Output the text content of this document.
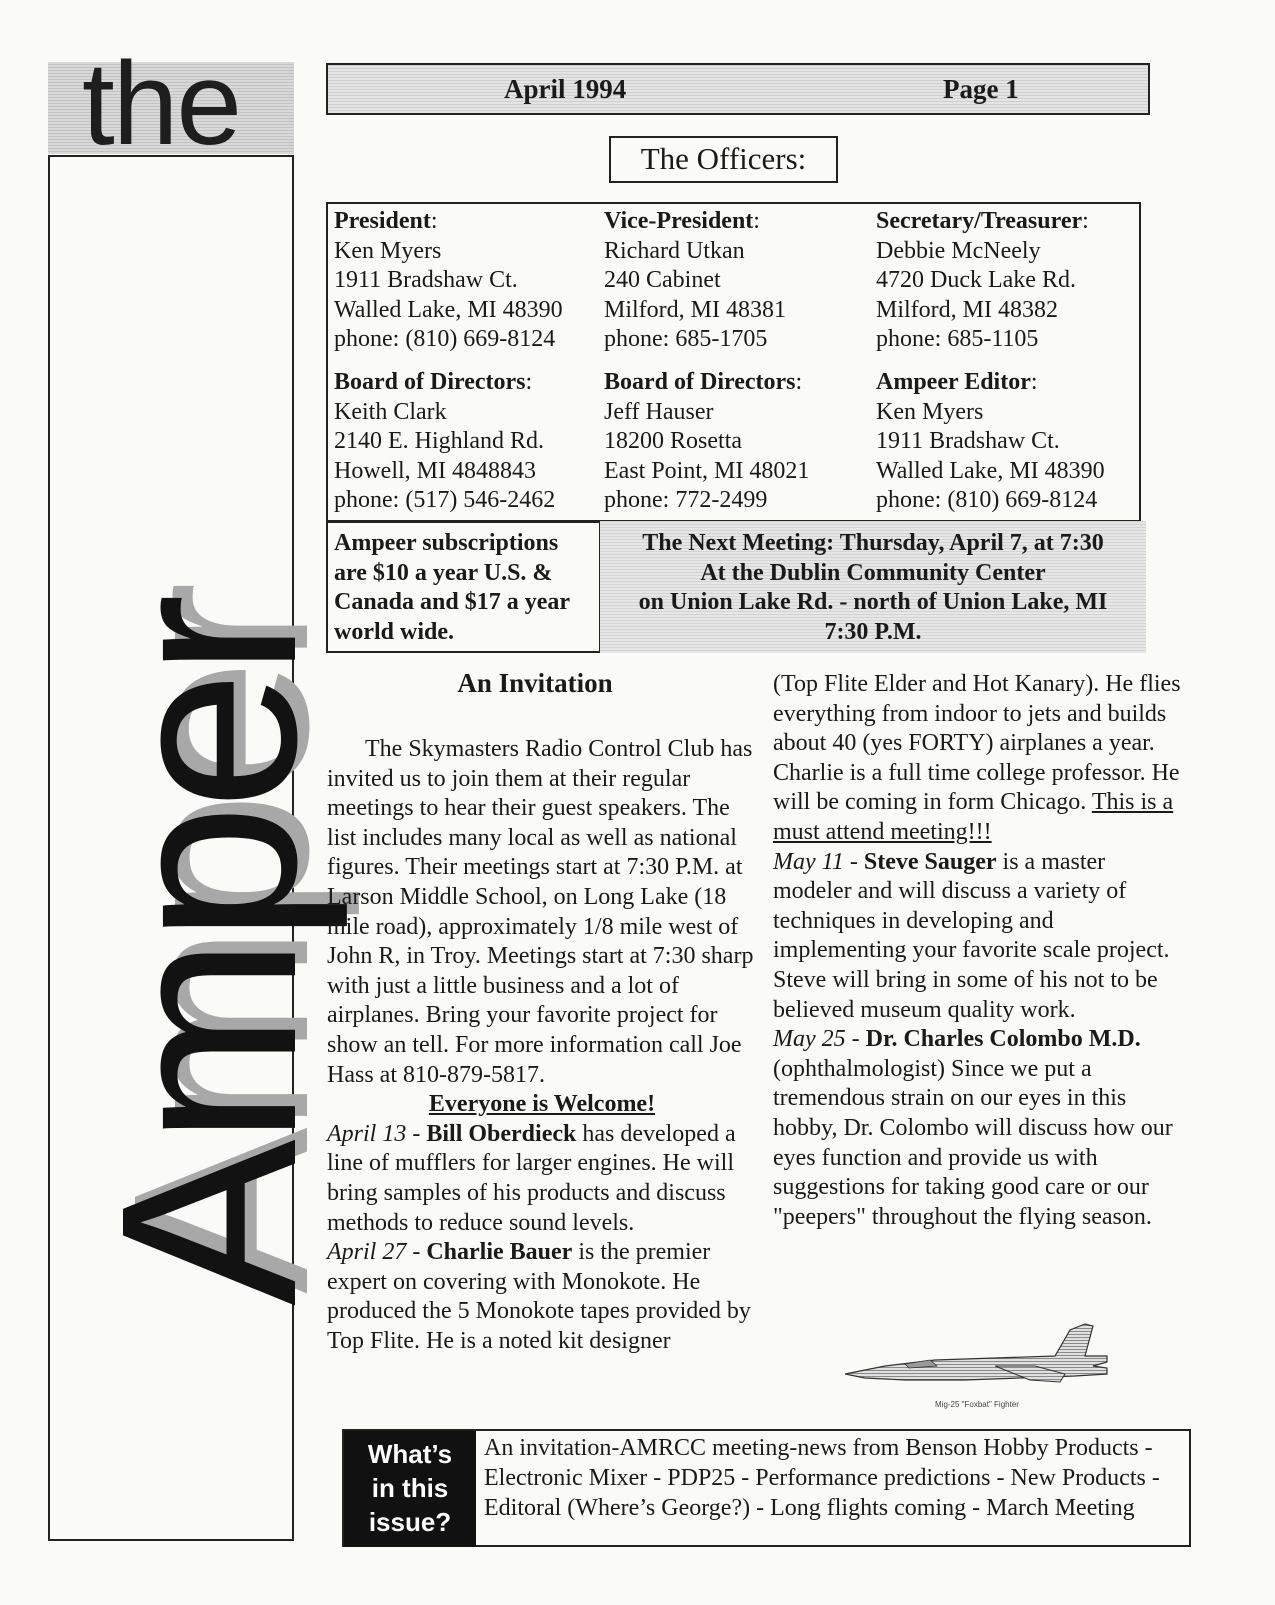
the
Amper
April 1994	Page 1
The Officers:
President:
Ken Myers
1911 Bradshaw Ct.
Walled Lake, MI 48390
phone: (810) 669-8124
Vice-President:
Richard Utkan
240 Cabinet
Milford, MI 48381
phone: 685-1705
Secretary/Treasurer:
Debbie McNeely
4720 Duck Lake Rd.
Milford, MI 48382
phone: 685-1105
Board of Directors:
Keith Clark
2140 E. Highland Rd.
Howell, MI 4848843
phone: (517) 546-2462
Board of Directors:
Jeff Hauser
18200 Rosetta
East Point, MI 48021
phone: 772-2499
Ampeer Editor:
Ken Myers
1911 Bradshaw Ct.
Walled Lake, MI 48390
phone: (810) 669-8124
Ampeer subscriptions
are $10 a year U.S. &
Canada and $17 a year
world wide.
The Next Meeting: Thursday, April 7, at 7:30
At the Dublin Community Center
on Union Lake Rd. - north of Union Lake, MI
7:30 P.M.
An Invitation

The Skymasters Radio Control Club has invited us to join them at their regular meetings to hear their guest speakers. The list includes many local as well as national figures. Their meetings start at 7:30 P.M. at Larson Middle School, on Long Lake (18 mile road), approximately 1/8 mile west of John R, in Troy. Meetings start at 7:30 sharp with just a little business and a lot of airplanes. Bring your favorite project for show an tell. For more information call Joe Hass at 810-879-5817.

Everyone is Welcome!

April 13 - Bill Oberdieck has developed a line of mufflers for larger engines. He will bring samples of his products and discuss methods to reduce sound levels.

April 27 - Charlie Bauer is the premier expert on covering with Monokote. He produced the 5 Monokote tapes provided by Top Flite. He is a noted kit designer

(Top Flite Elder and Hot Kanary). He flies everything from indoor to jets and builds about 40 (yes FORTY) airplanes a year. Charlie is a full time college professor. He will be coming in form Chicago. This is a must attend meeting!!!

May 11 - Steve Sauger is a master modeler and will discuss a variety of techniques in developing and implementing your favorite scale project. Steve will bring in some of his not to be believed museum quality work.

May 25 - Dr. Charles Colombo M.D. (ophthalmologist) Since we put a tremendous strain on our eyes in this hobby, Dr. Colombo will discuss how our eyes function and provide us with suggestions for taking good care or our "peepers" throughout the flying season.

Mig-25 "Foxbat" Fighter
What’s
in this
issue?
An invitation-AMRCC meeting-news from Benson Hobby Products - Electronic Mixer - PDP25 - Performance predictions - New Products - Editoral (Where’s George?) - Long flights coming - March Meeting
